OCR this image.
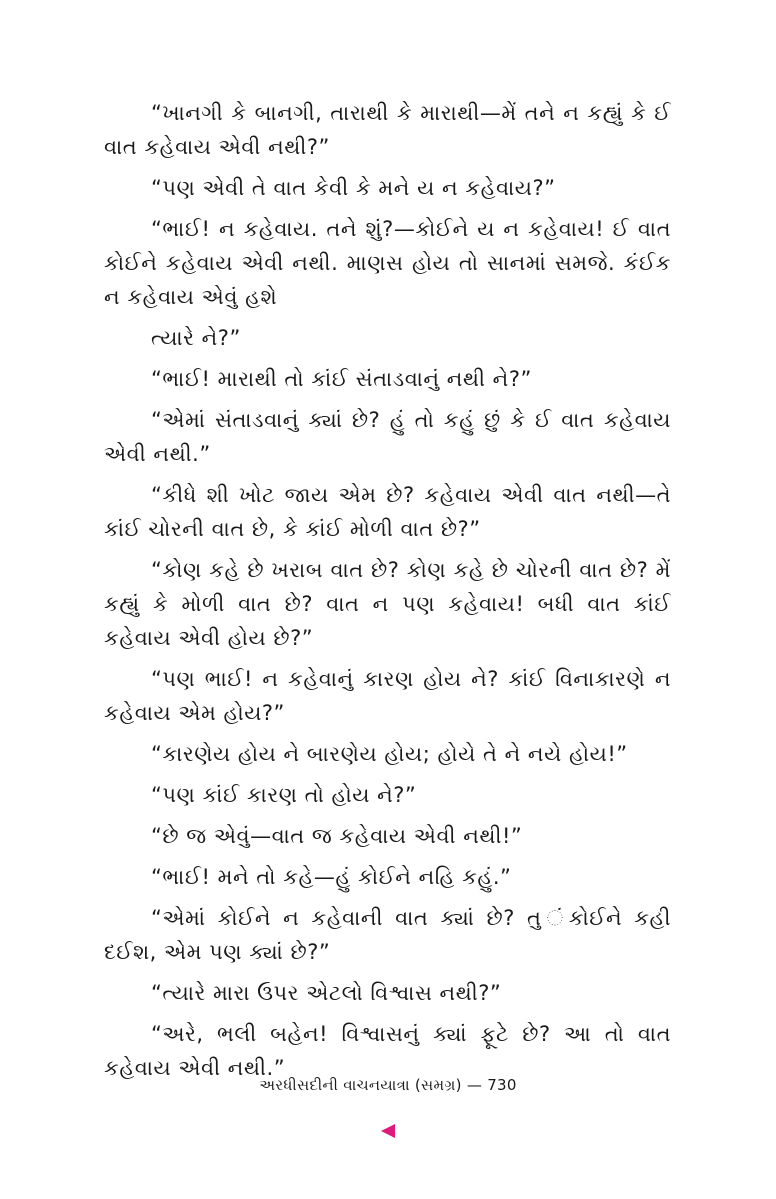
“ખાનગી કે બાનગી, તારાથી કે મારાથી—મેં તને ન કહ્યું કે ઈ વાત કહેવાય એવી નથી?”

“પણ એવી તે વાત કેવી કે મને ય ન કહેવાય?”

“ભાઈ! ન કહેવાય. તને શું?—કોઈને ય ન કહેવાય! ઈ વાત કોઈને કહેવાય એવી નથી. માણસ હોય તો સાનમાં સમજે. કંઈક ન કહેવાય એવું હશે

ત્યારે ને?”

“ભાઈ! મારાથી તો કાંઈ સંતાડવાનું નથી ને?”

“એમાં સંતાડવાનું ક્યાં છે? હું તો કહું છું કે ઈ વાત કહેવાય એવી નથી.”

“કીધે શી ખોટ જાય એમ છે? કહેવાય એવી વાત નથી—તે કાંઈ ચોરની વાત છે, કે કાંઈ મોળી વાત છે?”

“કોણ કહે છે ખરાબ વાત છે? કોણ કહે છે ચોરની વાત છે? મેં કહ્યું કે મોળી વાત છે? વાત ન પણ કહેવાય! બધી વાત કાંઈ કહેવાય એવી હોય છે?”

“પણ ભાઈ! ન કહેવાનું કારણ હોય ને? કાંઈ વિનાકારણે ન કહેવાય એમ હોય?”

“કારણેય હોય ને બારણેય હોય; હોયે તે ને નયે હોય!”

“પણ કાંઈ કારણ તો હોય ને?”

“છે જ એવું—વાત જ કહેવાય એવી નથી!”

“ભાઈ! મને તો કહે—હું કોઈને નહિ કહું.”

“એમાં કોઈને ન કહેવાની વાત ક્યાં છે? તુ ંકોઈને કહી દઈશ, એમ પણ ક્યાં છે?”

“ત્યારે મારા ઉપર એટલો વિશ્વાસ નથી?”

“અરે, ભલી બહેન! વિશ્વાસનું ક્યાં ફૂટે છે? આ તો વાત કહેવાય એવી નથી.”

અરધીસદીની વાચનયાત્રા (સમગ્ર) — 730
